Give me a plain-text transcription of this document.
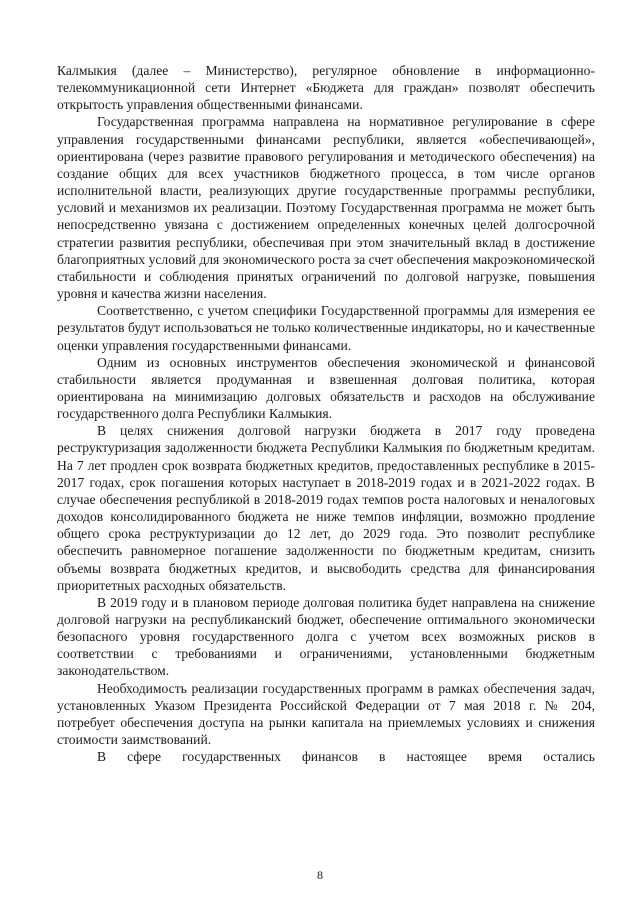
Калмыкия (далее – Министерство), регулярное обновление в информационно-телекоммуникационной сети Интернет «Бюджета для граждан» позволят обеспечить открытость управления общественными финансами.

Государственная программа направлена на нормативное регулирование в сфере управления государственными финансами республики, является «обеспечивающей», ориентирована (через развитие правового регулирования и методического обеспечения) на создание общих для всех участников бюджетного процесса, в том числе органов исполнительной власти, реализующих другие государственные программы республики, условий и механизмов их реализации. Поэтому Государственная программа не может быть непосредственно увязана с достижением определенных конечных целей долгосрочной стратегии развития республики, обеспечивая при этом значительный вклад в достижение благоприятных условий для экономического роста за счет обеспечения макроэкономической стабильности и соблюдения принятых ограничений по долговой нагрузке, повышения уровня и качества жизни населения.

Соответственно, с учетом специфики Государственной программы для измерения ее результатов будут использоваться не только количественные индикаторы, но и качественные оценки управления государственными финансами.

Одним из основных инструментов обеспечения экономической и финансовой стабильности является продуманная и взвешенная долговая политика, которая ориентирована на минимизацию долговых обязательств и расходов на обслуживание государственного долга Республики Калмыкия.

В целях снижения долговой нагрузки бюджета в 2017 году проведена реструктуризация задолженности бюджета Республики Калмыкия по бюджетным кредитам. На 7 лет продлен срок возврата бюджетных кредитов, предоставленных республике в 2015-2017 годах, срок погашения которых наступает в 2018-2019 годах и в 2021-2022 годах. В случае обеспечения республикой в 2018-2019 годах темпов роста налоговых и неналоговых доходов консолидированного бюджета не ниже темпов инфляции, возможно продление общего срока реструктуризации до 12 лет, до 2029 года. Это позволит республике обеспечить равномерное погашение задолженности по бюджетным кредитам, снизить объемы возврата бюджетных кредитов, и высвободить средства для финансирования приоритетных расходных обязательств.

В 2019 году и в плановом периоде долговая политика будет направлена на снижение долговой нагрузки на республиканский бюджет, обеспечение оптимального экономически безопасного уровня государственного долга с учетом всех возможных рисков в соответствии с требованиями и ограничениями, установленными бюджетным законодательством.

Необходимость реализации государственных программ в рамках обеспечения задач, установленных Указом Президента Российской Федерации от 7 мая 2018 г. № 204, потребует обеспечения доступа на рынки капитала на приемлемых условиях и снижения стоимости заимствований.

В сфере государственных финансов в настоящее время остались

8
